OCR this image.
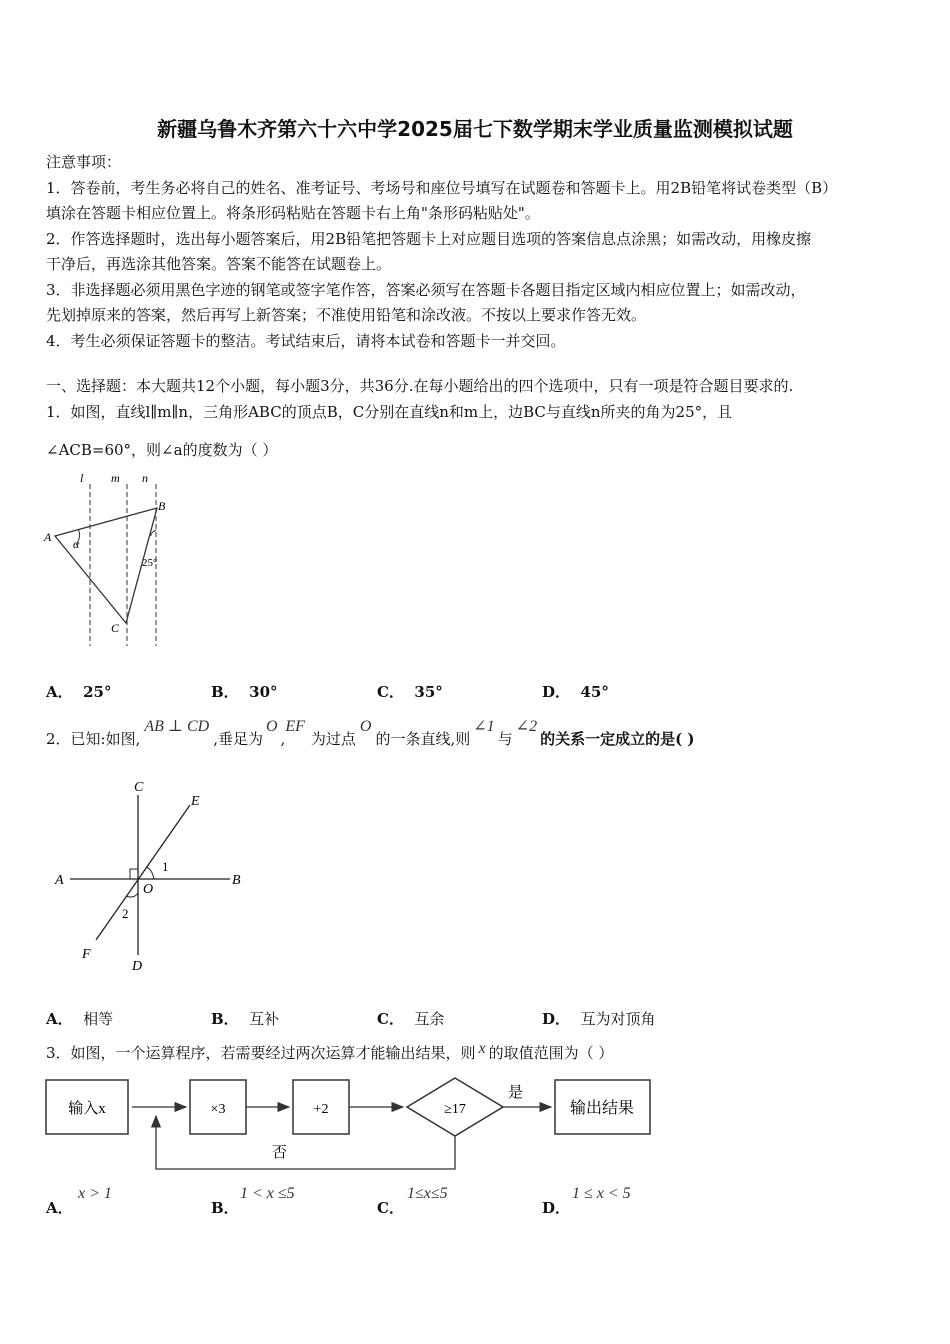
新疆乌鲁木齐第六十六中学2025届七下数学期末学业质量监测模拟试题
注意事项：
1．答卷前，考生务必将自己的姓名、准考证号、考场号和座位号填写在试题卷和答题卡上。用2B铅笔将试卷类型（B）
填涂在答题卡相应位置上。将条形码粘贴在答题卡右上角"条形码粘贴处"。
2．作答选择题时，选出每小题答案后，用2B铅笔把答题卡上对应题目选项的答案信息点涂黑；如需改动，用橡皮擦
干净后，再选涂其他答案。答案不能答在试题卷上。
3．非选择题必须用黑色字迹的钢笔或签字笔作答，答案必须写在答题卡各题目指定区域内相应位置上；如需改动，
先划掉原来的答案，然后再写上新答案；不准使用铅笔和涂改液。不按以上要求作答无效。
4．考生必须保证答题卡的整洁。考试结束后，请将本试卷和答题卡一并交回。
一、选择题：本大题共12个小题，每小题3分，共36分.在每小题给出的四个选项中，只有一项是符合题目要求的.
1．如图，直线l∥m∥n，三角形ABC的顶点B，C分别在直线n和m上，边BC与直线n所夹的角为25°，且
∠ACB=60°，则∠a的度数为（ ）
l m n
A
B
C
α
25°
A． 25°	B． 30°	C． 35°	D． 45°
2．已知:如图,AB ⊥ CD,垂足为O,EF为过点O的一条直线,则∠1与∠2的关系一定成立的是( )
C
E
A	B
O
1
2
F
D
A． 相等	B． 互补	C． 互余	D． 互为对顶角
3．如图，一个运算程序，若需要经过两次运算才能输出结果，则 x 的取值范围为（ ）
输入x	×3	+2	≥17	输出结果
是
否
A．
x > 1
B．
1 < x ≤5
C．
1≤x≤5
D．
1 ≤ x < 5
